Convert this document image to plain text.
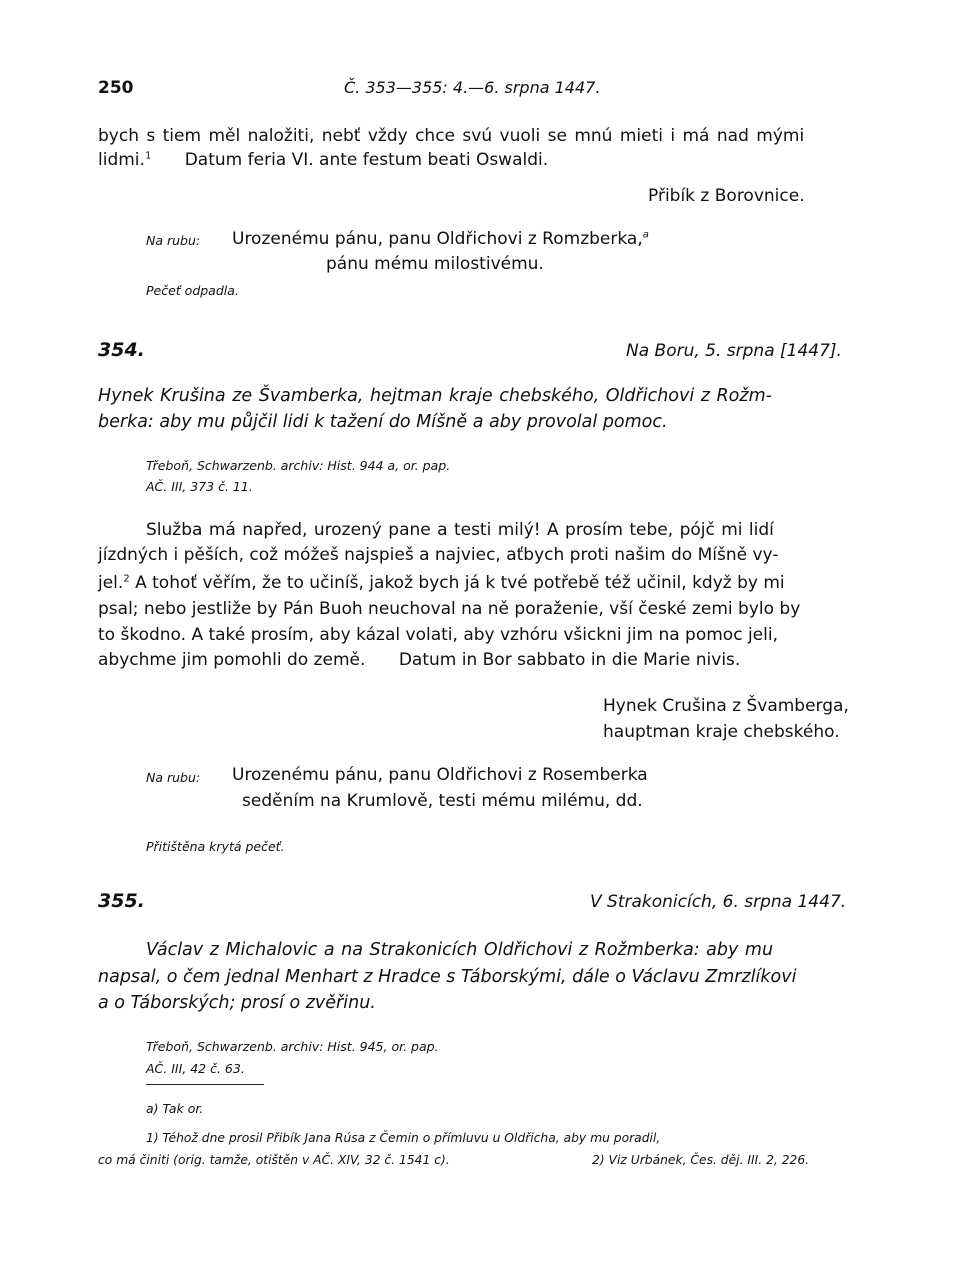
250	Č. 353—355: 4.—6. srpna 1447.
bych s tiem měl naložiti, nebť vždy chce svú vuoli se mnú mieti i má nad mými
lidmi.$^1$ Datum feria VI. ante festum beati Oswaldi.
Přibík z Borovnice.
Na rubu: Urozenému pánu, panu Oldřichovi z Romzberka,$^a$
pánu mému milostivému.
Pečeť odpadla.
354.	Na Boru, 5. srpna [1447].
Hynek Krušina ze Švamberka, hejtman kraje chebského, Oldřichovi z Rožm-
berka: aby mu půjčil lidi k tažení do Míšně a aby provolal pomoc.
Třeboň, Schwarzenb. archiv: Hist. 944 a, or. pap.
AČ. III, 373 č. 11.
Služba má napřed, urozený pane a testi milý! A prosím tebe, pójč mi lidí
jízdných i pěších, což móžeš najspieš a najviec, aťbych proti našim do Míšně vy-
jel.$^2$ A tohoť věřím, že to učiníš, jakož bych já k tvé potřebě též učinil, když by mi
psal; nebo jestliže by Pán Buoh neuchoval na ně poraženie, vší české zemi bylo by
to škodno. A také prosím, aby kázal volati, aby vzhóru všickni jim na pomoc jeli,
abychme jim pomohli do země. Datum in Bor sabbato in die Marie nivis.
Hynek Crušina z Švamberga,
hauptman kraje chebského.
Na rubu: Urozenému pánu, panu Oldřichovi z Rosemberka
seděním na Krumlově, testi mému milému, dd.
Přitištěna krytá pečeť.
355.	V Strakonicích, 6. srpna 1447.
Václav z Michalovic a na Strakonicích Oldřichovi z Rožmberka: aby mu
napsal, o čem jednal Menhart z Hradce s Táborskými, dále o Václavu Zmrzlíkovi
a o Táborských; prosí o zvěřinu.
Třeboň, Schwarzenb. archiv: Hist. 945, or. pap.
AČ. III, 42 č. 63.
a) Tak or.
1) Téhož dne prosil Přibík Jana Rúsa z Čemin o přímluvu u Oldřicha, aby mu poradil,
co má činiti (orig. tamže, otištěn v AČ. XIV, 32 č. 1541 c).	2) Viz Urbánek, Čes. děj. III. 2, 226.
